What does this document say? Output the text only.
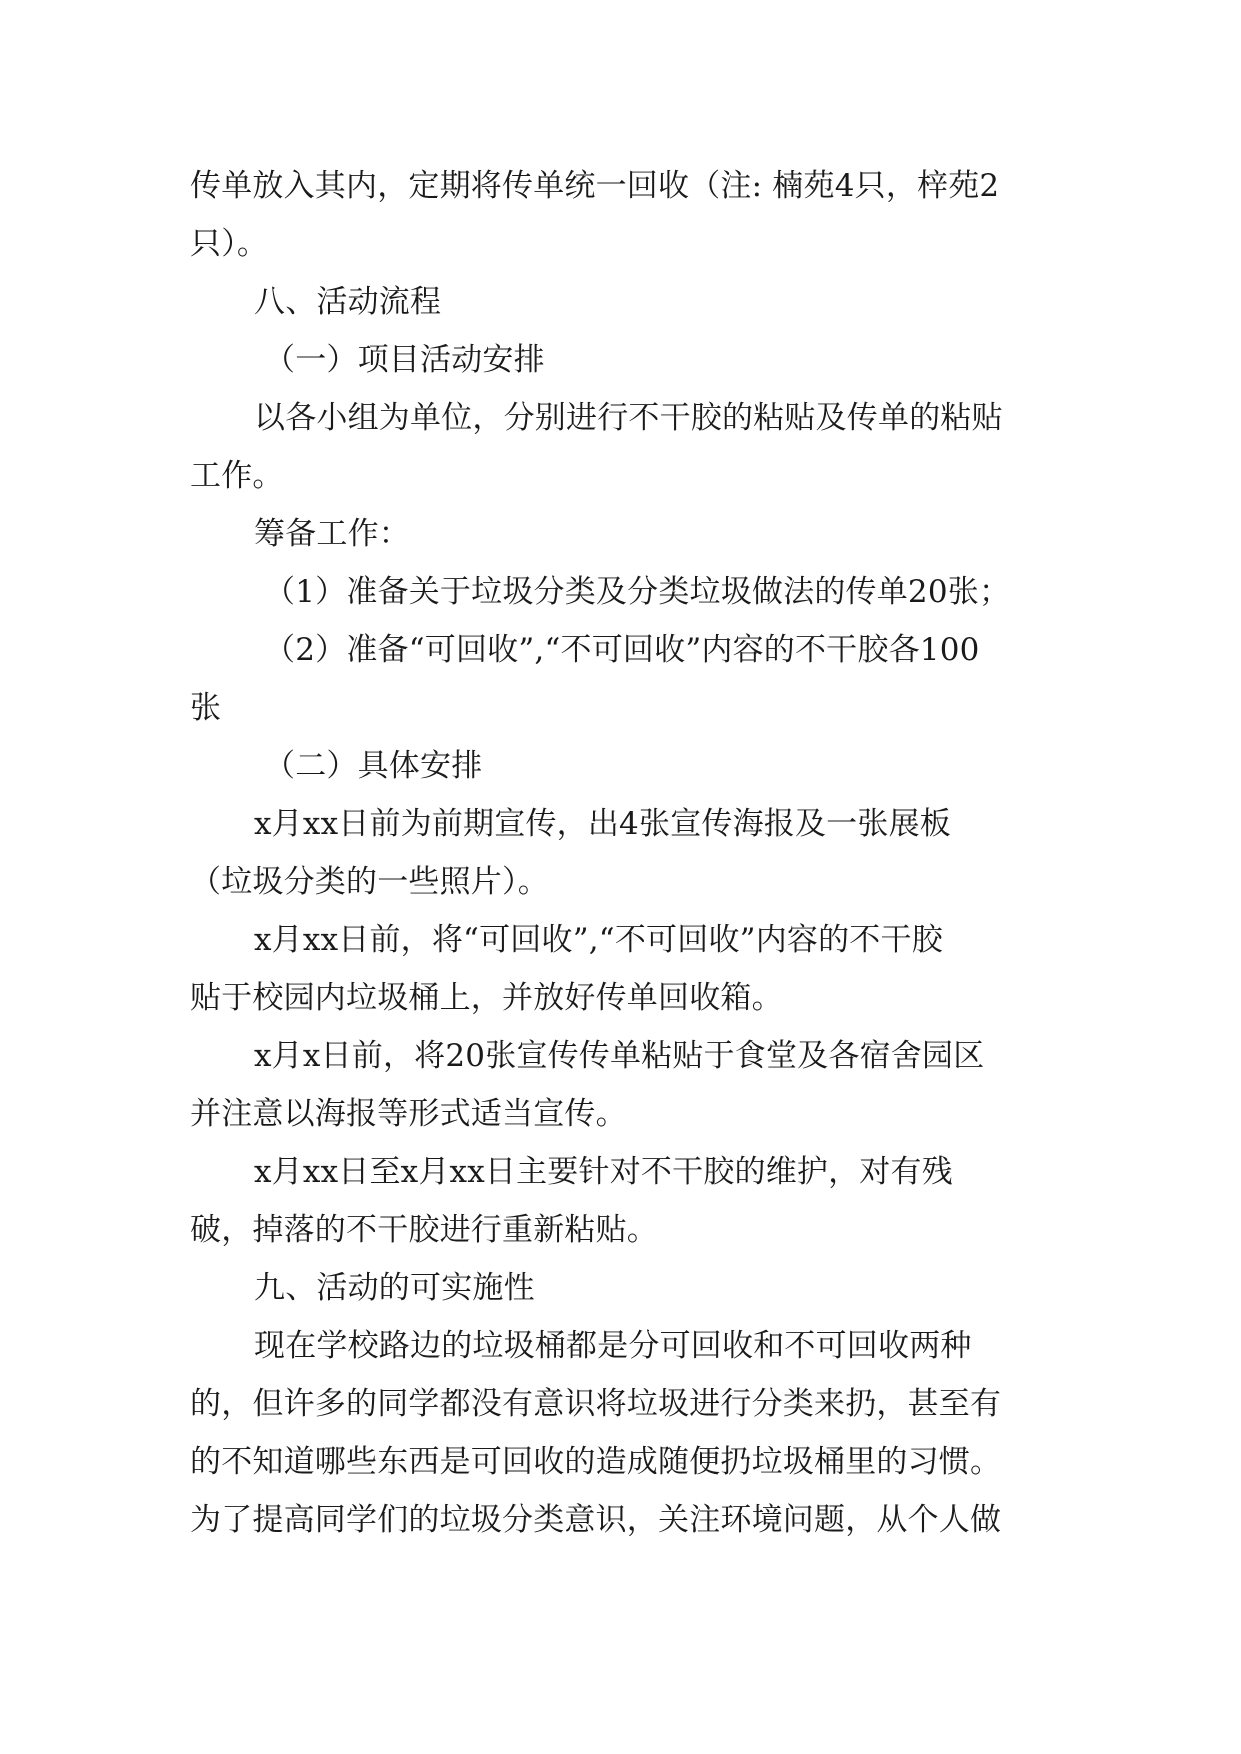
传单放入其内，定期将传单统一回收（注: 楠苑4只，梓苑2
只）。
八、活动流程
（一）项目活动安排
以各小组为单位，分别进行不干胶的粘贴及传单的粘贴
工作。
筹备工作：
（1）准备关于垃圾分类及分类垃圾做法的传单20张；
（2）准备“可回收”,“不可回收”内容的不干胶各100
张
（二）具体安排
x月xx日前为前期宣传，出4张宣传海报及一张展板
（垃圾分类的一些照片）。
x月xx日前，将“可回收”,“不可回收”内容的不干胶
贴于校园内垃圾桶上，并放好传单回收箱。
x月x日前，将20张宣传传单粘贴于食堂及各宿舍园区
并注意以海报等形式适当宣传。
x月xx日至x月xx日主要针对不干胶的维护，对有残
破，掉落的不干胶进行重新粘贴。
九、活动的可实施性
现在学校路边的垃圾桶都是分可回收和不可回收两种
的，但许多的同学都没有意识将垃圾进行分类来扔，甚至有
的不知道哪些东西是可回收的造成随便扔垃圾桶里的习惯。
为了提高同学们的垃圾分类意识，关注环境问题，从个人做
